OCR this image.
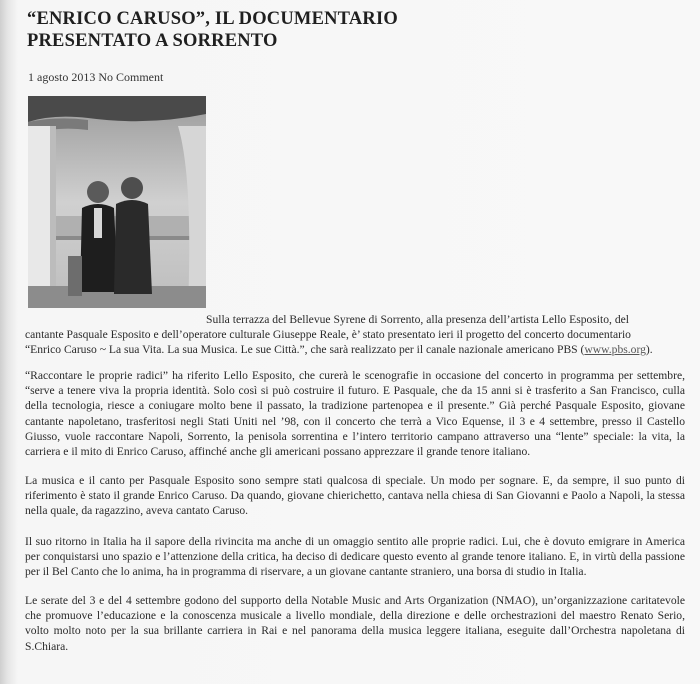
“ENRICO CARUSO”, IL DOCUMENTARIO
PRESENTATO A SORRENTO
1 agosto 2013 No Comment
Sulla terrazza del Bellevue Syrene di Sorrento, alla presenza dell’artista Lello Esposito, del
cantante Pasquale Esposito e dell’operatore culturale Giuseppe Reale, è’ stato presentato ieri il progetto del concerto documentario
“Enrico Caruso ~ La sua Vita. La sua Musica. Le sue Città.”, che sarà realizzato per il canale nazionale americano PBS (www.pbs.org).
“Raccontare le proprie radici” ha riferito Lello Esposito, che curerà le scenografie in occasione del concerto in programma per settembre, “serve a tenere viva la propria identità. Solo così si può costruire il futuro. E Pasquale, che da 15 anni si è trasferito a San Francisco, culla della tecnologia, riesce a coniugare molto bene il passato, la tradizione partenopea e il presente.” Già perché Pasquale Esposito, giovane cantante napoletano, trasferitosi negli Stati Uniti nel ’98, con il concerto che terrà a Vico Equense, il 3 e 4 settembre, presso il Castello Giusso, vuole raccontare Napoli, Sorrento, la penisola sorrentina e l’intero territorio campano attraverso una “lente” speciale: la vita, la carriera e il mito di Enrico Caruso, affinché anche gli americani possano apprezzare il grande tenore italiano.
La musica e il canto per Pasquale Esposito sono sempre stati qualcosa di speciale. Un modo per sognare. E, da sempre, il suo punto di riferimento è stato il grande Enrico Caruso. Da quando, giovane chierichetto, cantava nella chiesa di San Giovanni e Paolo a Napoli, la stessa nella quale, da ragazzino, aveva cantato Caruso.
Il suo ritorno in Italia ha il sapore della rivincita ma anche di un omaggio sentito alle proprie radici. Lui, che è dovuto emigrare in America per conquistarsi uno spazio e l’attenzione della critica, ha deciso di dedicare questo evento al grande tenore italiano. E, in virtù della passione per il Bel Canto che lo anima, ha in programma di riservare, a un giovane cantante straniero, una borsa di studio in Italia.
Le serate del 3 e del 4 settembre godono del supporto della Notable Music and Arts Organization (NMAO), un’organizzazione caritatevole che promuove l’educazione e la conoscenza musicale a livello mondiale, della direzione e delle orchestrazioni del maestro Renato Serio, volto molto noto per la sua brillante carriera in Rai e nel panorama della musica leggere italiana, eseguite dall’Orchestra napoletana di S.Chiara.
